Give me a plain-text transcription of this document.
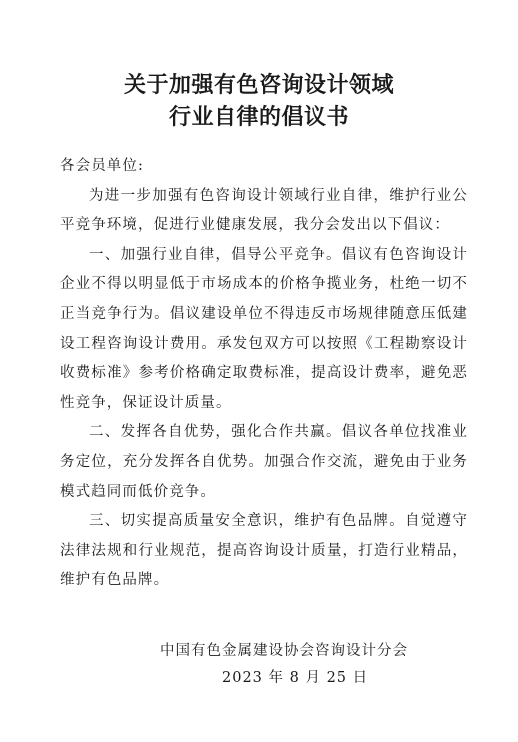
关于加强有色咨询设计领域
行业自律的倡议书

各会员单位:

为进一步加强有色咨询设计领域行业自律，维护行业公平竞争环境，促进行业健康发展，我分会发出以下倡议：

一、加强行业自律，倡导公平竞争。倡议有色咨询设计企业不得以明显低于市场成本的价格争揽业务，杜绝一切不正当竞争行为。倡议建设单位不得违反市场规律随意压低建设工程咨询设计费用。承发包双方可以按照《工程勘察设计收费标准》参考价格确定取费标准，提高设计费率，避免恶性竞争，保证设计质量。

二、发挥各自优势，强化合作共赢。倡议各单位找准业务定位，充分发挥各自优势。加强合作交流，避免由于业务模式趋同而低价竞争。

三、切实提高质量安全意识，维护有色品牌。自觉遵守法律法规和行业规范，提高咨询设计质量，打造行业精品，维护有色品牌。

中国有色金属建设协会咨询设计分会
2023 年 8 月 25 日
